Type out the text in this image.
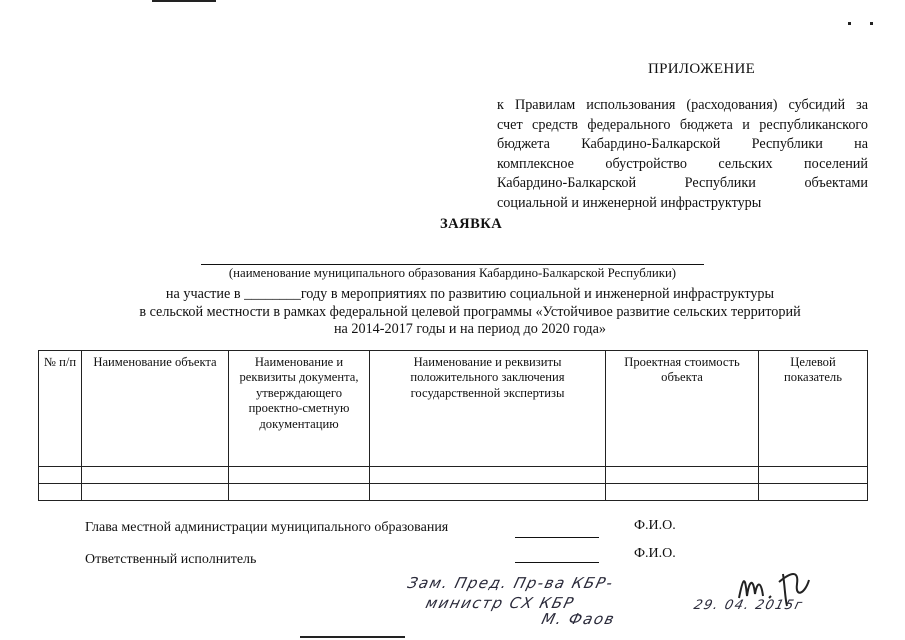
ПРИЛОЖЕНИЕ
к Правилам использования (расходования) субсидий за
счет средств федерального бюджета и республиканского
бюджета Кабардино-Балкарской Республики на
комплексное обустройство сельских поселений
Кабардино-Балкарской Республики объектами
социальной и инженерной инфраструктуры
ЗАЯВКА
(наименование муниципального образования Кабардино-Балкарской Республики)
на участие в ________году в мероприятиях по развитию социальной и инженерной инфраструктуры
в сельской местности в рамках федеральной целевой программы «Устойчивое развитие сельских территорий
на 2014-2017 годы и на период до 2020 года»
№ п/п	Наименование объекта	Наименование и реквизиты документа, утверждающего проектно-сметную документацию	Наименование и реквизиты положительного заключения государственной экспертизы	Проектная стоимость объекта	Целевой показатель

Глава местной администрации муниципального образования	Ф.И.О.
Ответственный исполнитель	Ф.И.О.
Зам. Пред. Пр-ва КБР-
министр СХ КБР
М. Фаов
29. 04. 2015г
